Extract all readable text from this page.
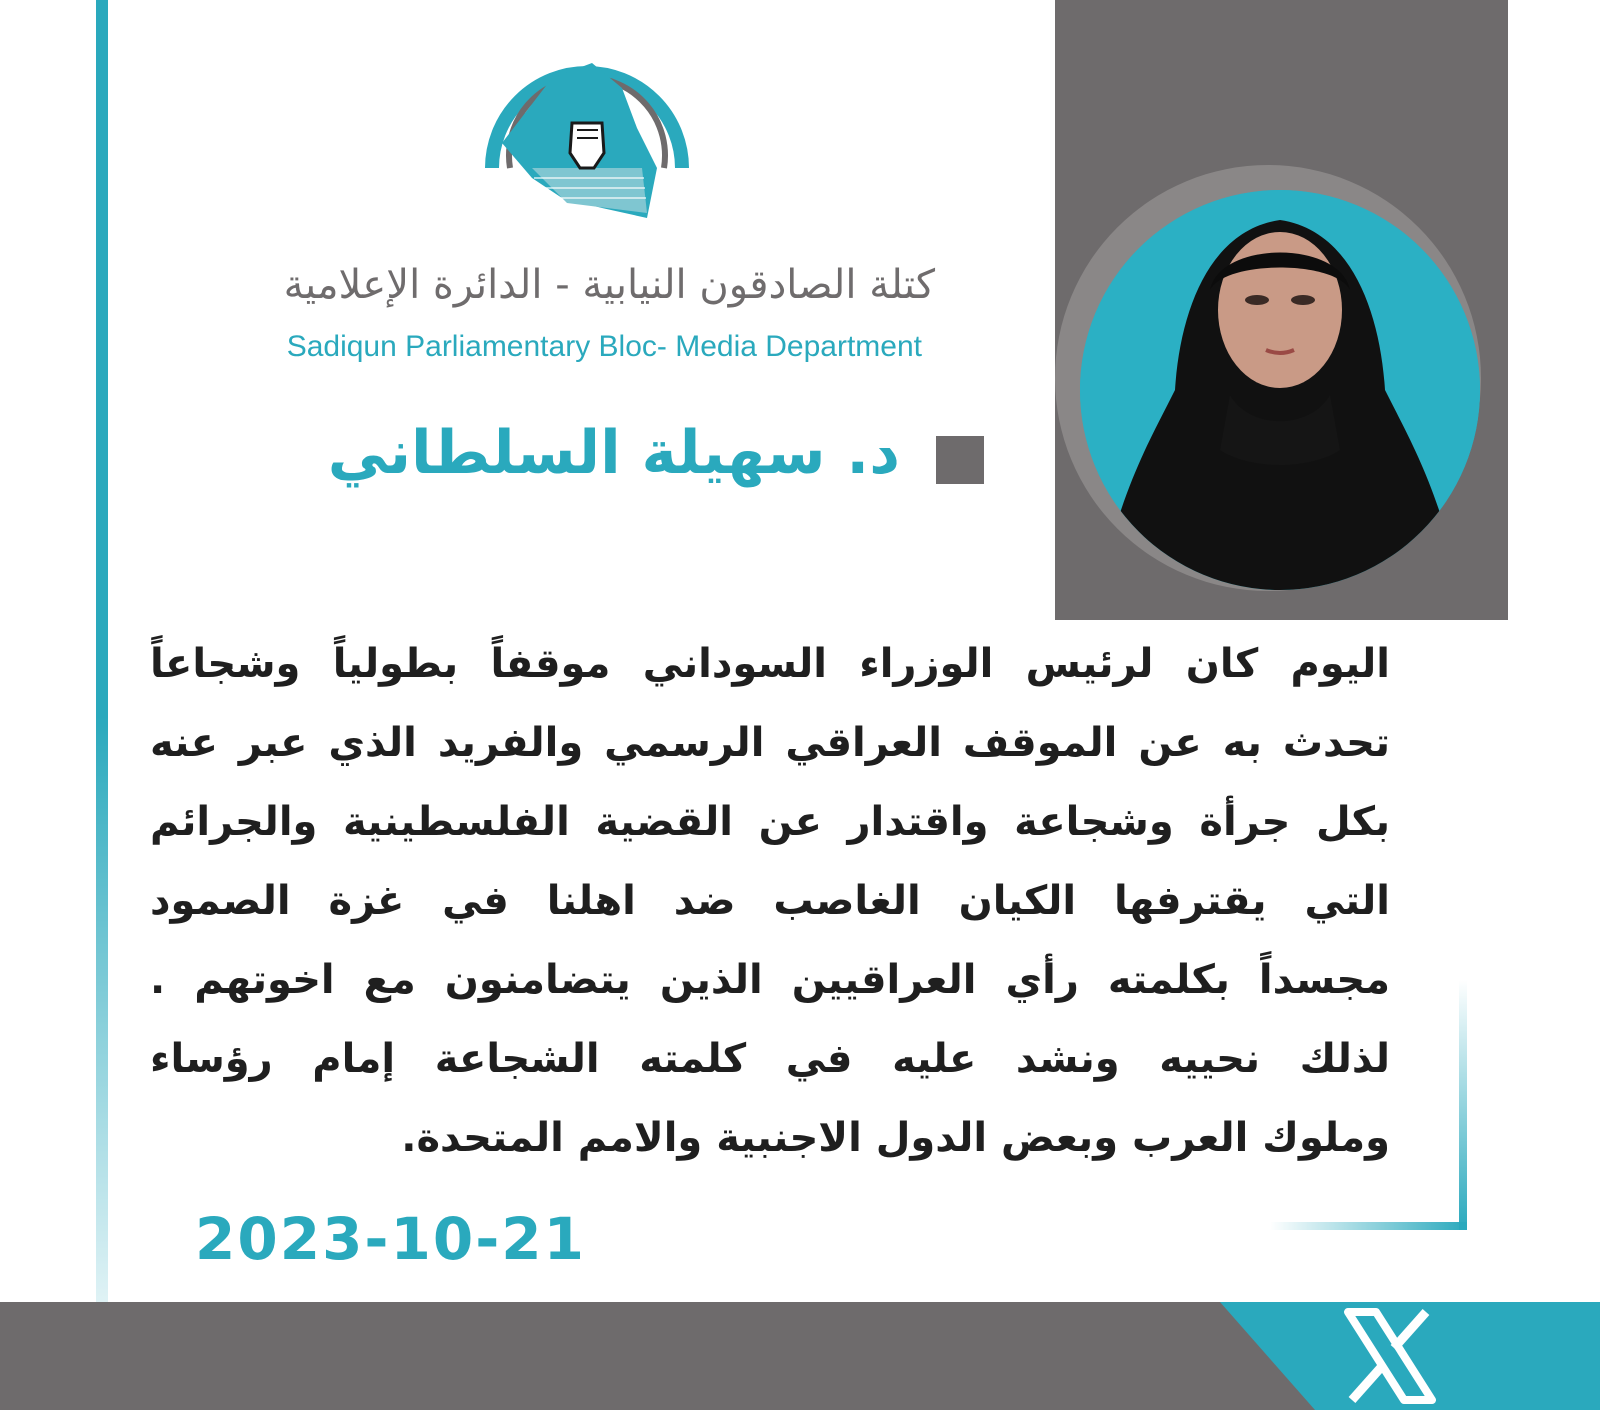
كتلة الصادقون النيابية - الدائرة الإعلامية
Sadiqun Parliamentary Bloc- Media Department
د. سهيلة السلطاني
اليوم كان لرئيس الوزراء السوداني موقفاً بطولياً وشجاعاً
تحدث به عن الموقف العراقي الرسمي والفريد الذي عبر عنه
بكل جرأة وشجاعة واقتدار عن القضية الفلسطينية والجرائم
التي يقترفها الكيان الغاصب ضد اهلنا في غزة الصمود
مجسداً بكلمته رأي العراقيين الذين يتضامنون مع اخوتهم .
لذلك نحييه ونشد عليه في كلمته الشجاعة إمام رؤساء
وملوك العرب وبعض الدول الاجنبية والامم المتحدة.
2023-10-21
